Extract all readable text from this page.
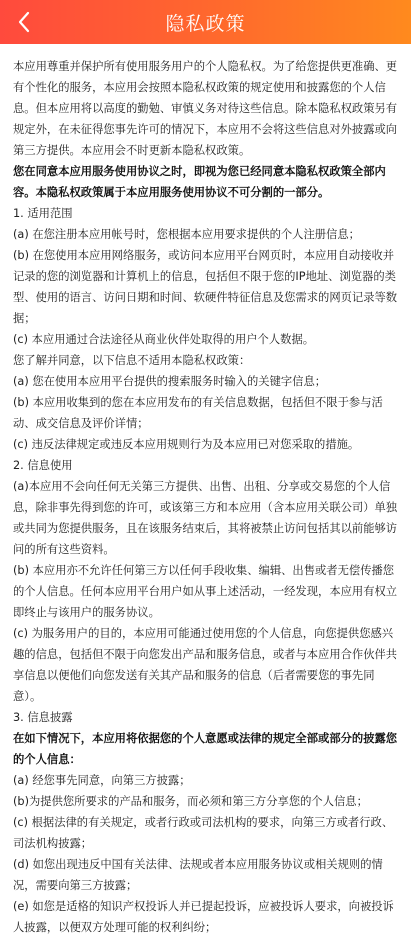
隐私政策

本应用尊重并保护所有使用服务用户的个人隐私权。为了给您提供更准确、更有个性化的服务，本应用会按照本隐私权政策的规定使用和披露您的个人信息。但本应用将以高度的勤勉、审慎义务对待这些信息。除本隐私权政策另有规定外，在未征得您事先许可的情况下，本应用不会将这些信息对外披露或向第三方提供。本应用会不时更新本隐私权政策。

您在同意本应用服务使用协议之时，即视为您已经同意本隐私权政策全部内容。本隐私权政策属于本应用服务使用协议不可分割的一部分。

1. 适用范围

(a) 在您注册本应用帐号时，您根据本应用要求提供的个人注册信息；

(b) 在您使用本应用网络服务，或访问本应用平台网页时，本应用自动接收并记录的您的浏览器和计算机上的信息，包括但不限于您的IP地址、浏览器的类型、使用的语言、访问日期和时间、软硬件特征信息及您需求的网页记录等数据；

(c) 本应用通过合法途径从商业伙伴处取得的用户个人数据。

您了解并同意，以下信息不适用本隐私权政策：

(a) 您在使用本应用平台提供的搜索服务时输入的关键字信息；

(b) 本应用收集到的您在本应用发布的有关信息数据，包括但不限于参与活动、成交信息及评价详情；

(c) 违反法律规定或违反本应用规则行为及本应用已对您采取的措施。

2. 信息使用

(a)本应用不会向任何无关第三方提供、出售、出租、分享或交易您的个人信息，除非事先得到您的许可，或该第三方和本应用（含本应用关联公司）单独或共同为您提供服务，且在该服务结束后，其将被禁止访问包括其以前能够访问的所有这些资料。

(b) 本应用亦不允许任何第三方以任何手段收集、编辑、出售或者无偿传播您的个人信息。任何本应用平台用户如从事上述活动，一经发现，本应用有权立即终止与该用户的服务协议。

(c) 为服务用户的目的，本应用可能通过使用您的个人信息，向您提供您感兴趣的信息，包括但不限于向您发出产品和服务信息，或者与本应用合作伙伴共享信息以便他们向您发送有关其产品和服务的信息（后者需要您的事先同意）。

3. 信息披露

在如下情况下，本应用将依据您的个人意愿或法律的规定全部或部分的披露您的个人信息：

(a) 经您事先同意，向第三方披露；

(b)为提供您所要求的产品和服务，而必须和第三方分享您的个人信息；

(c) 根据法律的有关规定，或者行政或司法机构的要求，向第三方或者行政、司法机构披露；

(d) 如您出现违反中国有关法律、法规或者本应用服务协议或相关规则的情况，需要向第三方披露；

(e) 如您是适格的知识产权投诉人并已提起投诉，应被投诉人要求，向被投诉人披露，以便双方处理可能的权利纠纷；
